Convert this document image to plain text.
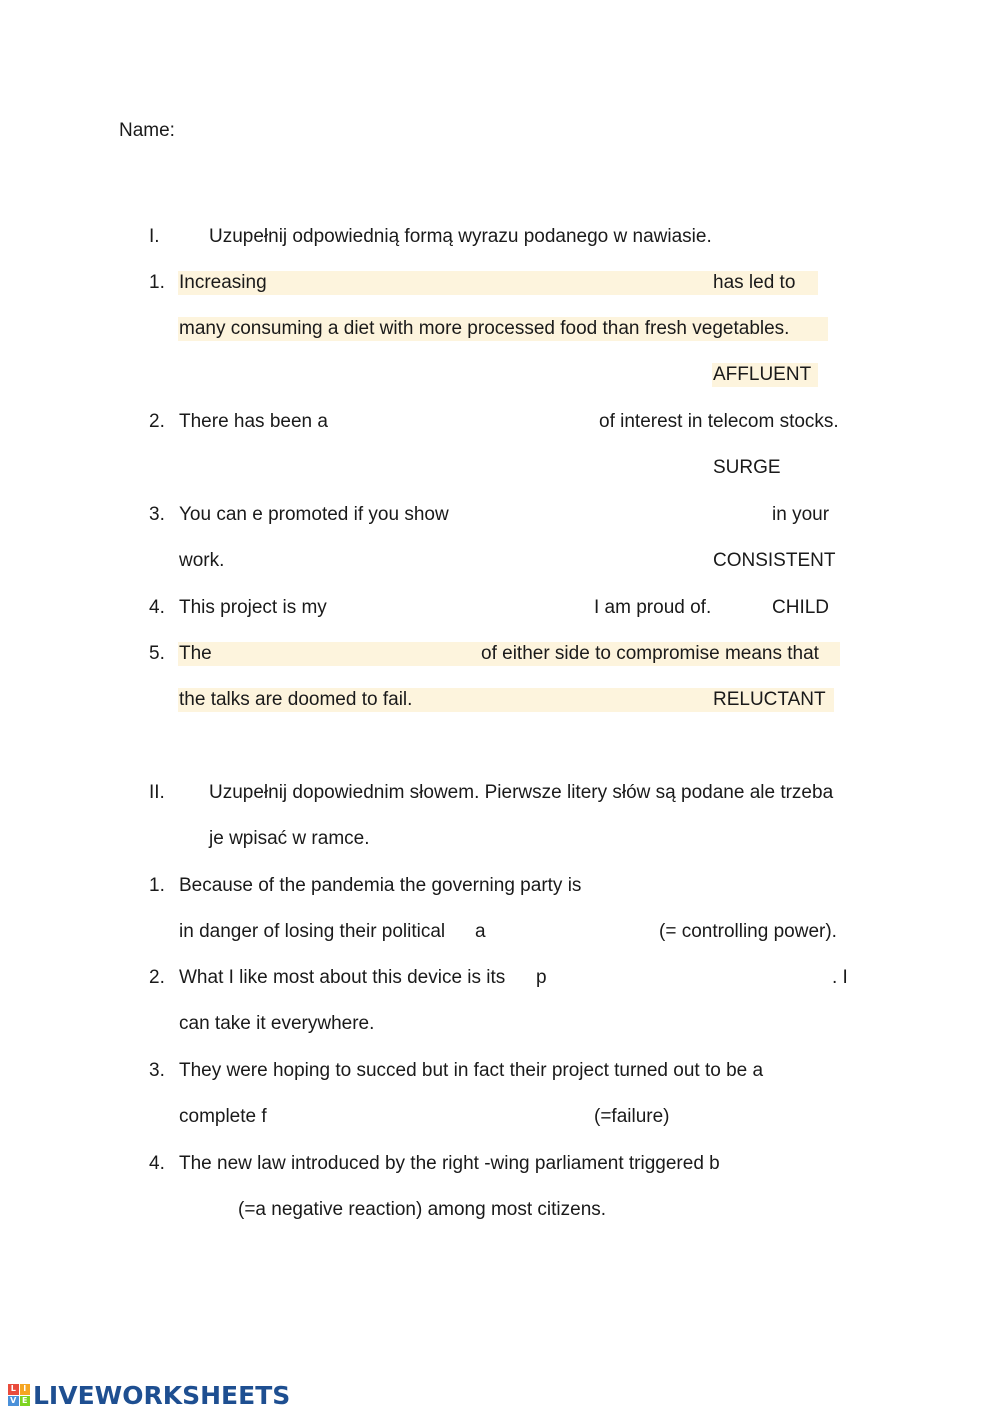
Name:
I.	Uzupełnij odpowiednią formą wyrazu podanego w nawiasie.
1. Increasing	has led to
many consuming a diet with more processed food than fresh vegetables.
AFFLUENT
2. There has been a	of interest in telecom stocks.
SURGE
3. You can e promoted if you show	in your
work.	CONSISTENT
4. This project is my	I am proud of.	CHILD
5. The	of either side to compromise means that
the talks are doomed to fail.	RELUCTANT
II. Uzupełnij dopowiednim słowem. Pierwsze litery słów są podane ale trzeba
je wpisać w ramce.
1. Because of the pandemia the governing party is
in danger of losing their political a	(= controlling power).
2. What I like most about this device is its p	. I
can take it everywhere.
3. They were hoping to succed but in fact their project turned out to be a
complete f	(=failure)
4. The new law introduced by the right -wing parliament triggered b
(=a negative reaction) among most citizens.
L I
V E LIVEWORKSHEETS
